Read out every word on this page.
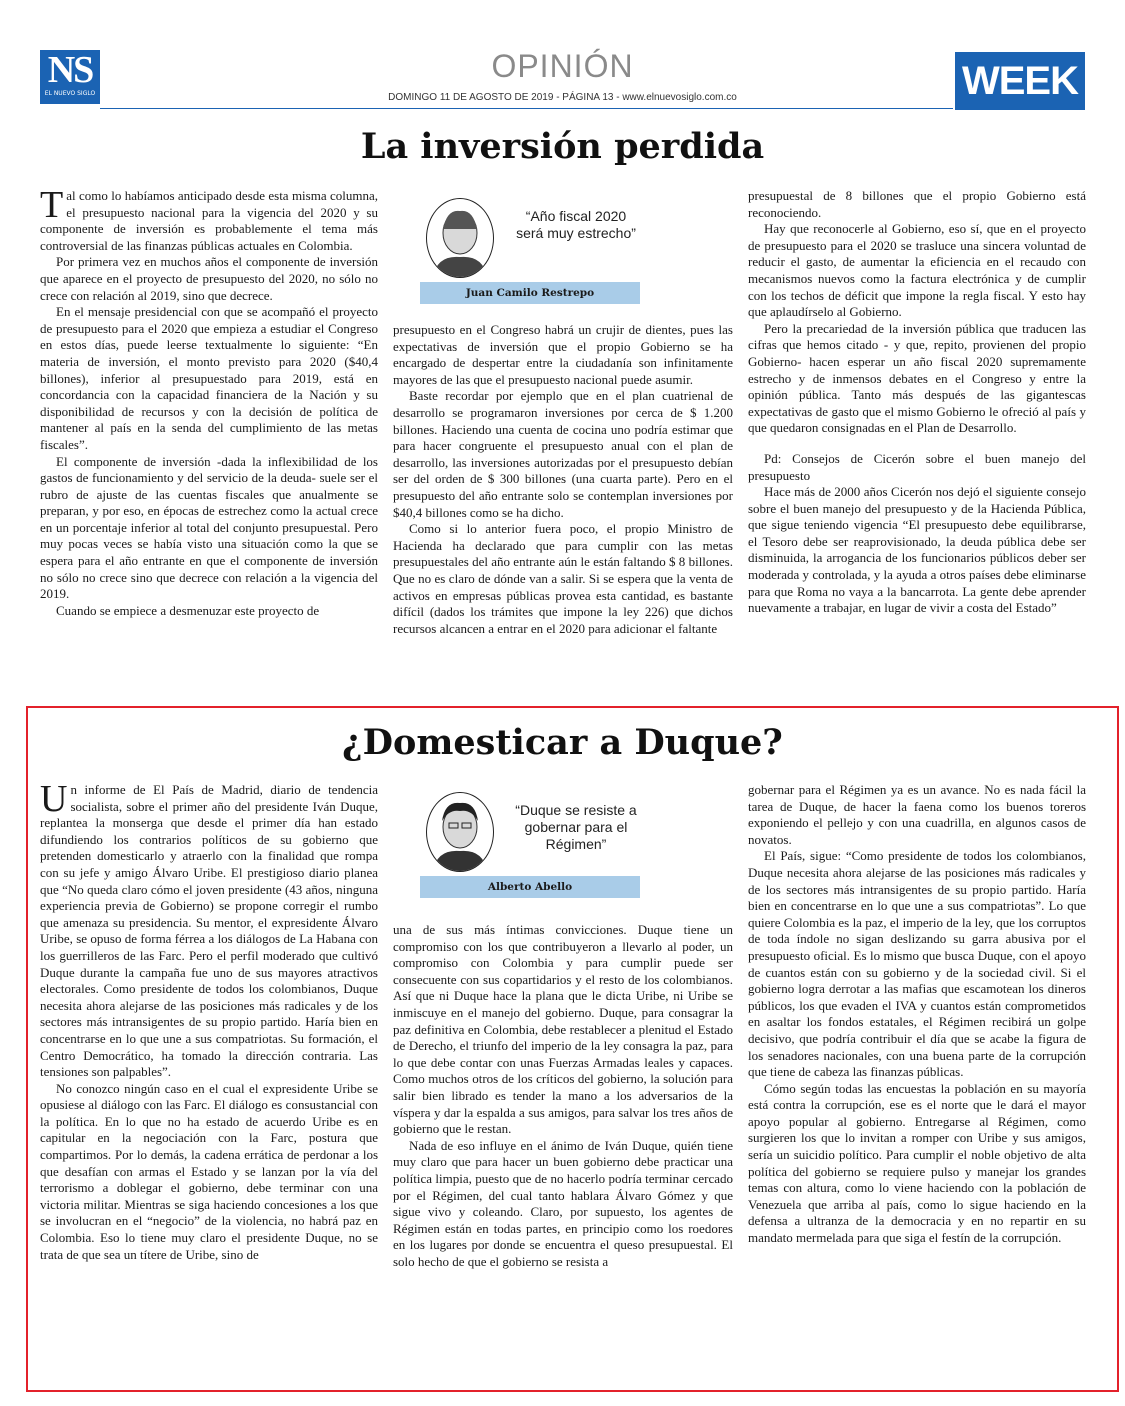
NS
EL NUEVO SIGLO
OPINIÓN
DOMINGO 11 DE AGOSTO DE 2019 - PÁGINA 13 - www.elnuevosiglo.com.co	WEEK
La inversión perdida

Tal como lo habíamos anticipado desde esta misma columna, el presupuesto nacional para la vigencia del 2020 y su componente de inversión es probablemente el tema más controversial de las finanzas públicas actuales en Colombia.

Por primera vez en muchos años el componente de inversión que aparece en el proyecto de presupuesto del 2020, no sólo no crece con relación al 2019, sino que decrece.

En el mensaje presidencial con que se acompañó el proyecto de presupuesto para el 2020 que empieza a estudiar el Congreso en estos días, puede leerse textualmente lo siguiente: “En materia de inversión, el monto previsto para 2020 ($40,4 billones), inferior al presupuestado para 2019, está en concordancia con la capacidad financiera de la Nación y su disponibilidad de recursos y con la decisión de política de mantener al país en la senda del cumplimiento de las metas fiscales”.

El componente de inversión -dada la inflexibilidad de los gastos de funcionamiento y del servicio de la deuda- suele ser el rubro de ajuste de las cuentas fiscales que anualmente se preparan, y por eso, en épocas de estrechez como la actual crece en un porcentaje inferior al total del conjunto presupuestal. Pero muy pocas veces se había visto una situación como la que se espera para el año entrante en que el componente de inversión no sólo no crece sino que decrece con relación a la vigencia del 2019.

Cuando se empiece a desmenuzar este proyecto de

“Año fiscal 2020 será muy estrecho”
Juan Camilo Restrepo

presupuesto en el Congreso habrá un crujir de dientes, pues las expectativas de inversión que el propio Gobierno se ha encargado de despertar entre la ciudadanía son infinitamente mayores de las que el presupuesto nacional puede asumir.

Baste recordar por ejemplo que en el plan cuatrienal de desarrollo se programaron inversiones por cerca de $ 1.200 billones. Haciendo una cuenta de cocina uno podría estimar que para hacer congruente el presupuesto anual con el plan de desarrollo, las inversiones autorizadas por el presupuesto debían ser del orden de $ 300 billones (una cuarta parte). Pero en el presupuesto del año entrante solo se contemplan inversiones por $40,4 billones como se ha dicho.

Como si lo anterior fuera poco, el propio Ministro de Hacienda ha declarado que para cumplir con las metas presupuestales del año entrante aún le están faltando $ 8 billones. Que no es claro de dónde van a salir. Si se espera que la venta de activos en empresas públicas provea esta cantidad, es bastante difícil (dados los trámites que impone la ley 226) que dichos recursos alcancen a entrar en el 2020 para adicionar el faltante

presupuestal de 8 billones que el propio Gobierno está reconociendo.

Hay que reconocerle al Gobierno, eso sí, que en el proyecto de presupuesto para el 2020 se trasluce una sincera voluntad de reducir el gasto, de aumentar la eficiencia en el recaudo con mecanismos nuevos como la factura electrónica y de cumplir con los techos de déficit que impone la regla fiscal. Y esto hay que aplaudírselo al Gobierno.

Pero la precariedad de la inversión pública que traducen las cifras que hemos citado - y que, repito, provienen del propio Gobierno- hacen esperar un año fiscal 2020 supremamente estrecho y de inmensos debates en el Congreso y entre la opinión pública. Tanto más después de las gigantescas expectativas de gasto que el mismo Gobierno le ofreció al país y que quedaron consignadas en el Plan de Desarrollo.

Pd: Consejos de Cicerón sobre el buen manejo del presupuesto

Hace más de 2000 años Cicerón nos dejó el siguiente consejo sobre el buen manejo del presupuesto y de la Hacienda Pública, que sigue teniendo vigencia “El presupuesto debe equilibrarse, el Tesoro debe ser reaprovisionado, la deuda pública debe ser disminuida, la arrogancia de los funcionarios públicos deber ser moderada y controlada, y la ayuda a otros países debe eliminarse para que Roma no vaya a la bancarrota. La gente debe aprender nuevamente a trabajar, en lugar de vivir a costa del Estado”

¿Domesticar a Duque?

Un informe de El País de Madrid, diario de tendencia socialista, sobre el primer año del presidente Iván Duque, replantea la monserga que desde el primer día han estado difundiendo los contrarios políticos de su gobierno que pretenden domesticarlo y atraerlo con la finalidad que rompa con su jefe y amigo Álvaro Uribe. El prestigioso diario planea que “No queda claro cómo el joven presidente (43 años, ninguna experiencia previa de Gobierno) se propone corregir el rumbo que amenaza su presidencia. Su mentor, el expresidente Álvaro Uribe, se opuso de forma férrea a los diálogos de La Habana con los guerrilleros de las Farc. Pero el perfil moderado que cultivó Duque durante la campaña fue uno de sus mayores atractivos electorales. Como presidente de todos los colombianos, Duque necesita ahora alejarse de las posiciones más radicales y de los sectores más intransigentes de su propio partido. Haría bien en concentrarse en lo que une a sus compatriotas. Su formación, el Centro Democrático, ha tomado la dirección contraria. Las tensiones son palpables”.

No conozco ningún caso en el cual el expresidente Uribe se opusiese al diálogo con las Farc. El diálogo es consustancial con la política. En lo que no ha estado de acuerdo Uribe es en capitular en la negociación con la Farc, postura que compartimos. Por lo demás, la cadena errática de perdonar a los que desafían con armas el Estado y se lanzan por la vía del terrorismo a doblegar el gobierno, debe terminar con una victoria militar. Mientras se siga haciendo concesiones a los que se involucran en el “negocio” de la violencia, no habrá paz en Colombia. Eso lo tiene muy claro el presidente Duque, no se trata de que sea un títere de Uribe, sino de

“Duque se resiste a gobernar para el Régimen”
Alberto Abello

una de sus más íntimas convicciones. Duque tiene un compromiso con los que contribuyeron a llevarlo al poder, un compromiso con Colombia y para cumplir puede ser consecuente con sus copartidarios y el resto de los colombianos. Así que ni Duque hace la plana que le dicta Uribe, ni Uribe se inmiscuye en el manejo del gobierno. Duque, para consagrar la paz definitiva en Colombia, debe restablecer a plenitud el Estado de Derecho, el triunfo del imperio de la ley consagra la paz, para lo que debe contar con unas Fuerzas Armadas leales y capaces. Como muchos otros de los críticos del gobierno, la solución para salir bien librado es tender la mano a los adversarios de la víspera y dar la espalda a sus amigos, para salvar los tres años de gobierno que le restan.

Nada de eso influye en el ánimo de Iván Duque, quién tiene muy claro que para hacer un buen gobierno debe practicar una política limpia, puesto que de no hacerlo podría terminar cercado por el Régimen, del cual tanto hablara Álvaro Gómez y que sigue vivo y coleando. Claro, por supuesto, los agentes de Régimen están en todas partes, en principio como los roedores en los lugares por donde se encuentra el queso presupuestal. El solo hecho de que el gobierno se resista a

gobernar para el Régimen ya es un avance. No es nada fácil la tarea de Duque, de hacer la faena como los buenos toreros exponiendo el pellejo y con una cuadrilla, en algunos casos de novatos.

El País, sigue: “Como presidente de todos los colombianos, Duque necesita ahora alejarse de las posiciones más radicales y de los sectores más intransigentes de su propio partido. Haría bien en concentrarse en lo que une a sus compatriotas”. Lo que quiere Colombia es la paz, el imperio de la ley, que los corruptos de toda índole no sigan deslizando su garra abusiva por el presupuesto oficial. Es lo mismo que busca Duque, con el apoyo de cuantos están con su gobierno y de la sociedad civil. Si el gobierno logra derrotar a las mafias que escamotean los dineros públicos, los que evaden el IVA y cuantos están comprometidos en asaltar los fondos estatales, el Régimen recibirá un golpe decisivo, que podría contribuir el día que se acabe la figura de los senadores nacionales, con una buena parte de la corrupción que tiene de cabeza las finanzas públicas.

Cómo según todas las encuestas la población en su mayoría está contra la corrupción, ese es el norte que le dará el mayor apoyo popular al gobierno. Entregarse al Régimen, como surgieren los que lo invitan a romper con Uribe y sus amigos, sería un suicidio político. Para cumplir el noble objetivo de alta política del gobierno se requiere pulso y manejar los grandes temas con altura, como lo viene haciendo con la población de Venezuela que arriba al país, como lo sigue haciendo en la defensa a ultranza de la democracia y en no repartir en su mandato mermelada para que siga el festín de la corrupción.
